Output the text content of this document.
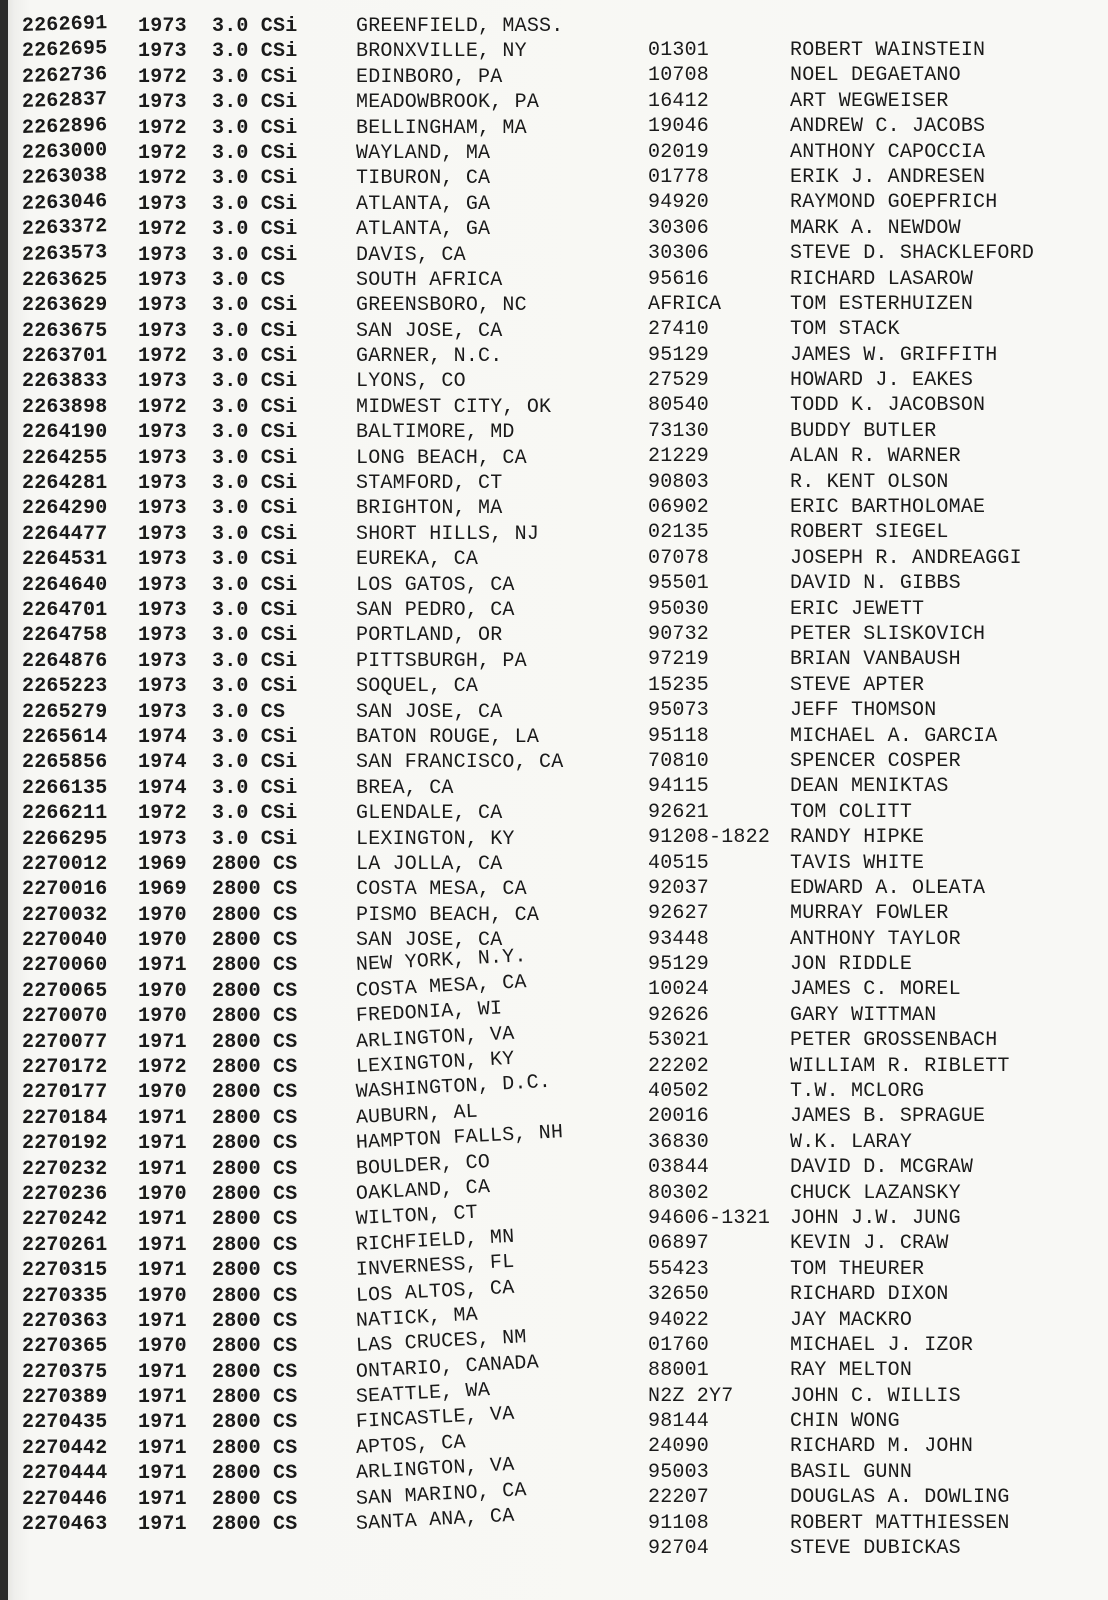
2262691
2262695
2262736
2262837
2262896
2263000
2263038
2263046
2263372
2263573
2263625
2263629
2263675
2263701
2263833
2263898
2264190
2264255
2264281
2264290
2264477
2264531
2264640
2264701
2264758
2264876
2265223
2265279
2265614
2265856
2266135
2266211
2266295
2270012
2270016
2270032
2270040
2270060
2270065
2270070
2270077
2270172
2270177
2270184
2270192
2270232
2270236
2270242
2270261
2270315
2270335
2270363
2270365
2270375
2270389
2270435
2270442
2270444
2270446
2270463
1973
1973
1972
1973
1972
1972
1972
1973
1972
1973
1973
1973
1973
1972
1973
1972
1973
1973
1973
1973
1973
1973
1973
1973
1973
1973
1973
1973
1974
1974
1974
1972
1973
1969
1969
1970
1970
1971
1970
1970
1971
1972
1970
1971
1971
1971
1970
1971
1971
1971
1970
1971
1970
1971
1971
1971
1971
1971
1971
1971
3.0 CSi
3.0 CSi
3.0 CSi
3.0 CSi
3.0 CSi
3.0 CSi
3.0 CSi
3.0 CSi
3.0 CSi
3.0 CSi
3.0 CS
3.0 CSi
3.0 CSi
3.0 CSi
3.0 CSi
3.0 CSi
3.0 CSi
3.0 CSi
3.0 CSi
3.0 CSi
3.0 CSi
3.0 CSi
3.0 CSi
3.0 CSi
3.0 CSi
3.0 CSi
3.0 CSi
3.0 CS
3.0 CSi
3.0 CSi
3.0 CSi
3.0 CSi
3.0 CSi
2800 CS
2800 CS
2800 CS
2800 CS
2800 CS
2800 CS
2800 CS
2800 CS
2800 CS
2800 CS
2800 CS
2800 CS
2800 CS
2800 CS
2800 CS
2800 CS
2800 CS
2800 CS
2800 CS
2800 CS
2800 CS
2800 CS
2800 CS
2800 CS
2800 CS
2800 CS
2800 CS
GREENFIELD, MASS.
BRONXVILLE, NY
EDINBORO, PA
MEADOWBROOK, PA
BELLINGHAM, MA
WAYLAND, MA
TIBURON, CA
ATLANTA, GA
ATLANTA, GA
DAVIS, CA
SOUTH AFRICA
GREENSBORO, NC
SAN JOSE, CA
GARNER, N.C.
LYONS, CO
MIDWEST CITY, OK
BALTIMORE, MD
LONG BEACH, CA
STAMFORD, CT
BRIGHTON, MA
SHORT HILLS, NJ
EUREKA, CA
LOS GATOS, CA
SAN PEDRO, CA
PORTLAND, OR
PITTSBURGH, PA
SOQUEL, CA
SAN JOSE, CA
BATON ROUGE, LA
SAN FRANCISCO, CA
BREA, CA
GLENDALE, CA
LEXINGTON, KY
LA JOLLA, CA
COSTA MESA, CA
PISMO BEACH, CA
SAN JOSE, CA
NEW YORK, N.Y.
COSTA MESA, CA
FREDONIA, WI
ARLINGTON, VA
LEXINGTON, KY
WASHINGTON, D.C.
AUBURN, AL
HAMPTON FALLS, NH
BOULDER, CO
OAKLAND, CA
WILTON, CT
RICHFIELD, MN
INVERNESS, FL
LOS ALTOS, CA
NATICK, MA
LAS CRUCES, NM
ONTARIO, CANADA
SEATTLE, WA
FINCASTLE, VA
APTOS, CA
ARLINGTON, VA
SAN MARINO, CA
SANTA ANA, CA
01301
10708
16412
19046
02019
01778
94920
30306
30306
95616
AFRICA
27410
95129
27529
80540
73130
21229
90803
06902
02135
07078
95501
95030
90732
97219
15235
95073
95118
70810
94115
92621
91208-1822
40515
92037
92627
93448
95129
10024
92626
53021
22202
40502
20016
36830
03844
80302
94606-1321
06897
55423
32650
94022
01760
88001
N2Z 2Y7
98144
24090
95003
22207
91108
92704
ROBERT WAINSTEIN
NOEL DEGAETANO
ART WEGWEISER
ANDREW C. JACOBS
ANTHONY CAPOCCIA
ERIK J. ANDRESEN
RAYMOND GOEPFRICH
MARK A. NEWDOW
STEVE D. SHACKLEFORD
RICHARD LASAROW
TOM ESTERHUIZEN
TOM STACK
JAMES W. GRIFFITH
HOWARD J. EAKES
TODD K. JACOBSON
BUDDY BUTLER
ALAN R. WARNER
R. KENT OLSON
ERIC BARTHOLOMAE
ROBERT SIEGEL
JOSEPH R. ANDREAGGI
DAVID N. GIBBS
ERIC JEWETT
PETER SLISKOVICH
BRIAN VANBAUSH
STEVE APTER
JEFF THOMSON
MICHAEL A. GARCIA
SPENCER COSPER
DEAN MENIKTAS
TOM COLITT
RANDY HIPKE
TAVIS WHITE
EDWARD A. OLEATA
MURRAY FOWLER
ANTHONY TAYLOR
JON RIDDLE
JAMES C. MOREL
GARY WITTMAN
PETER GROSSENBACH
WILLIAM R. RIBLETT
T.W. MCLORG
JAMES B. SPRAGUE
W.K. LARAY
DAVID D. MCGRAW
CHUCK LAZANSKY
JOHN J.W. JUNG
KEVIN J. CRAW
TOM THEURER
RICHARD DIXON
JAY MACKRO
MICHAEL J. IZOR
RAY MELTON
JOHN C. WILLIS
CHIN WONG
RICHARD M. JOHN
BASIL GUNN
DOUGLAS A. DOWLING
ROBERT MATTHIESSEN
STEVE DUBICKAS
